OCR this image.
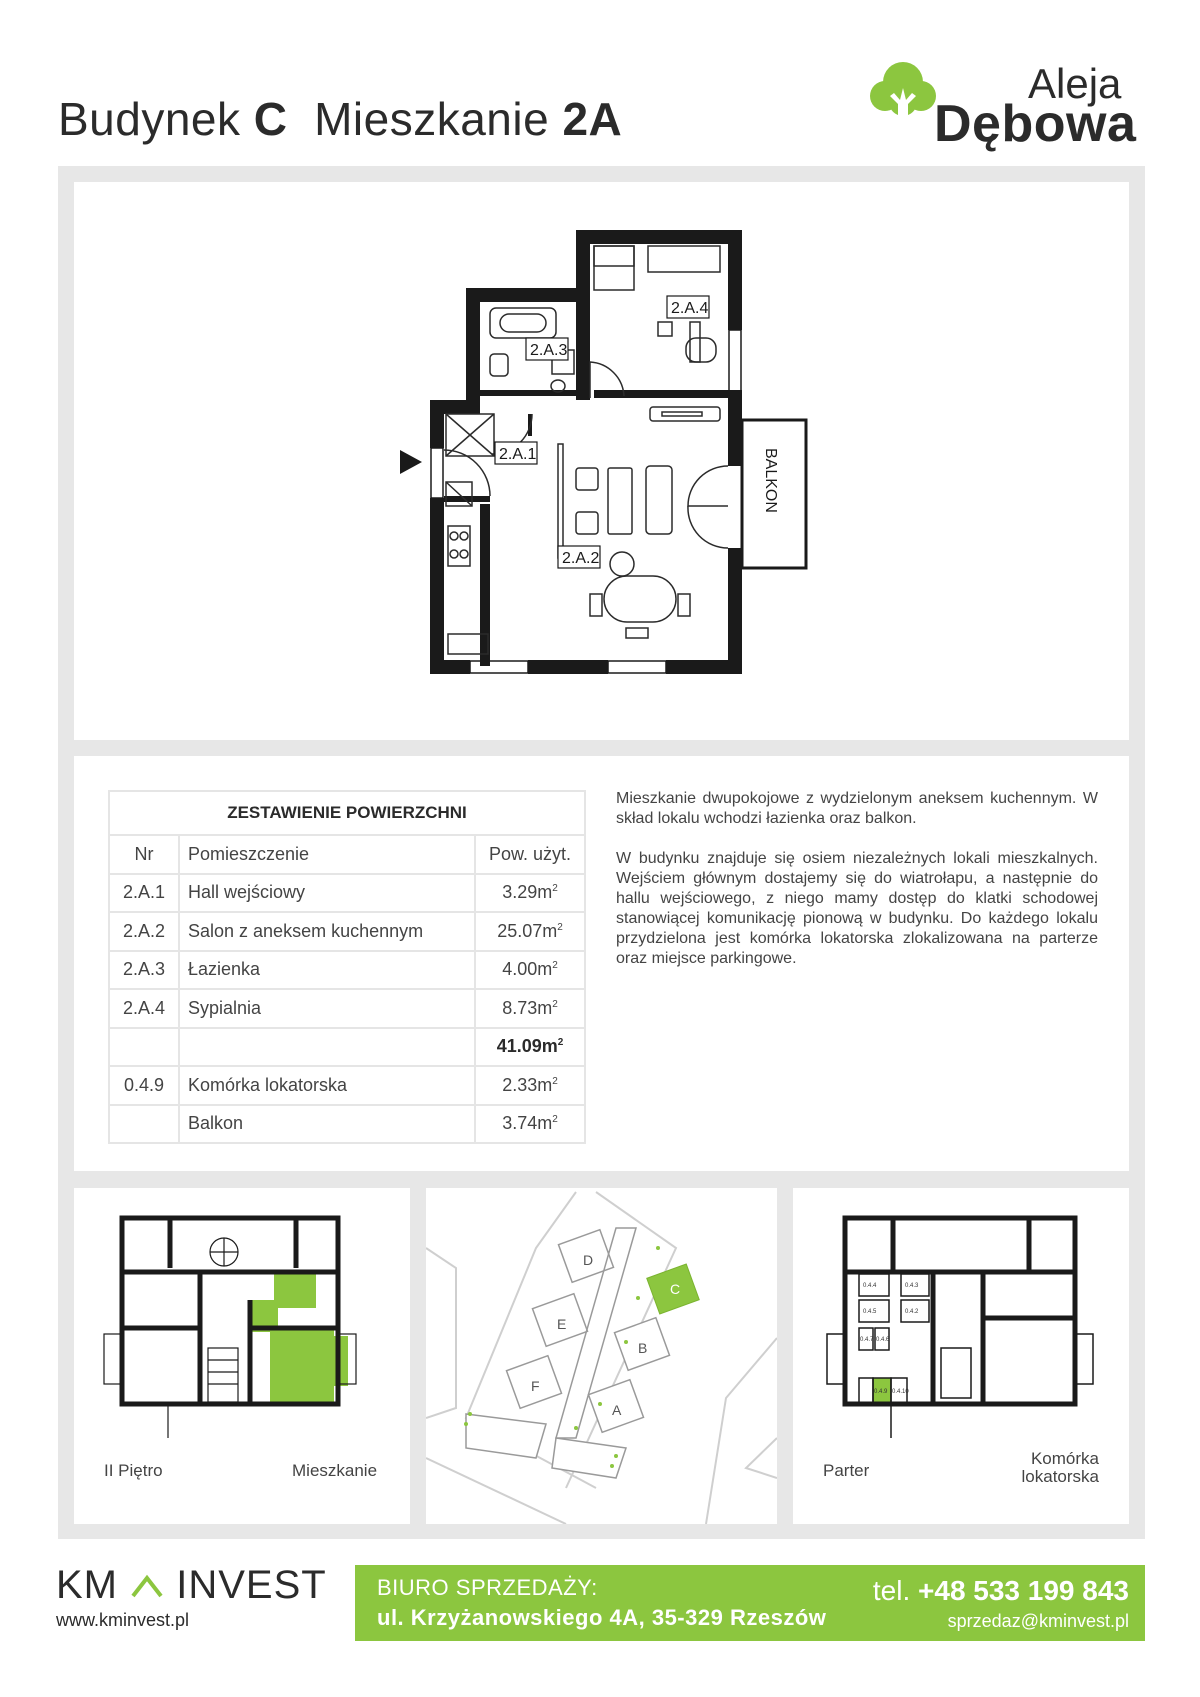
Budynek C Mieszkanie 2A
Aleja
Dębowa
BALKON
2.A.3
2.A.4
2.A.1
2.A.2
ZESTAWIENIE POWIERZCHNI		
Nr	Pomieszczenie	Pow. użyt.
2.A.1	Hall wejściowy	$3.29m^2$
2.A.2	Salon z aneksem kuchennym	$25.07m^2$
2.A.3	Łazienka	$4.00m^2$
2.A.4	Sypialnia	$8.73m^2$
		$41.09m^2$
0.4.9	Komórka lokatorska	$2.33m^2$
	Balkon	$3.74m^2$

Mieszkanie dwupokojowe z wydzielonym aneksem kuchennym. W skład lokalu wchodzi łazienka oraz balkon.

W budynku znajduje się osiem niezależnych lokali mieszkalnych. Wejściem głównym dostajemy się do wiatrołapu, a następnie do hallu wejściowego, z niego mamy dostęp do klatki schodowej stanowiącej komunikację pionową w budynku. Do każdego lokalu przydzielona jest komórka lokatorska zlokalizowana na parterze oraz miejsce parkingowe.

II Piętro	Mieszkanie
D
E
F
C
B
A
0.4.4	0.4.3
0.4.5	0.4.2
0.4.7 0.4.6
0.4.9 0.4.10
Parter
Komórka
lokatorska
KM INVEST
www.kminvest.pl
BIURO SPRZEDAŻY:
ul. Krzyżanowskiego 4A, 35-329 Rzeszów
tel. +48 533 199 843
sprzedaz@kminvest.pl
